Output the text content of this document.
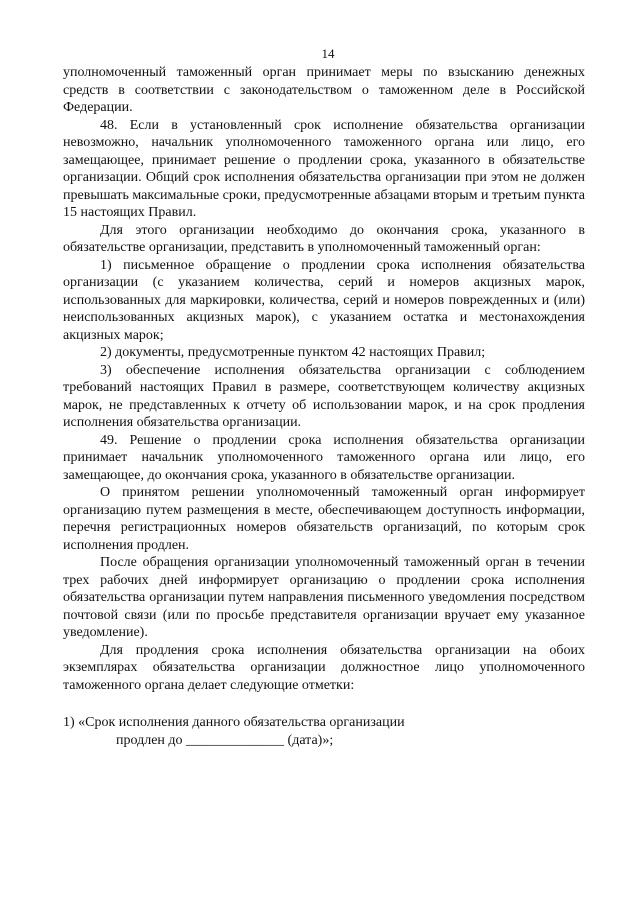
14

уполномоченный таможенный орган принимает меры по взысканию денежных средств в соответствии с законодательством о таможенном деле в Российской Федерации.

48. Если в установленный срок исполнение обязательства организации невозможно, начальник уполномоченного таможенного органа или лицо, его замещающее, принимает решение о продлении срока, указанного в обязательстве организации. Общий срок исполнения обязательства организации при этом не должен превышать максимальные сроки, предусмотренные абзацами вторым и третьим пункта 15 настоящих Правил.

Для этого организации необходимо до окончания срока, указанного в обязательстве организации, представить в уполномоченный таможенный орган:

1) письменное обращение о продлении срока исполнения обязательства организации (с указанием количества, серий и номеров акцизных марок, использованных для маркировки, количества, серий и номеров поврежденных и (или) неиспользованных акцизных марок), с указанием остатка и местонахождения акцизных марок;

2) документы, предусмотренные пунктом 42 настоящих Правил;

3) обеспечение исполнения обязательства организации с соблюдением требований настоящих Правил в размере, соответствующем количеству акцизных марок, не представленных к отчету об использовании марок, и на срок продления исполнения обязательства организации.

49. Решение о продлении срока исполнения обязательства организации принимает начальник уполномоченного таможенного органа или лицо, его замещающее, до окончания срока, указанного в обязательстве организации.

О принятом решении уполномоченный таможенный орган информирует организацию путем размещения в месте, обеспечивающем доступность информации, перечня регистрационных номеров обязательств организаций, по которым срок исполнения продлен.

После обращения организации уполномоченный таможенный орган в течении трех рабочих дней информирует организацию о продлении срока исполнения обязательства организации путем направления письменного уведомления посредством почтовой связи (или по просьбе представителя организации вручает ему указанное уведомление).

Для продления срока исполнения обязательства организации на обоих экземплярах обязательства организации должностное лицо уполномоченного таможенного органа делает следующие отметки:

1) «Срок исполнения данного обязательства организации

продлен до ______________ (дата)»;
